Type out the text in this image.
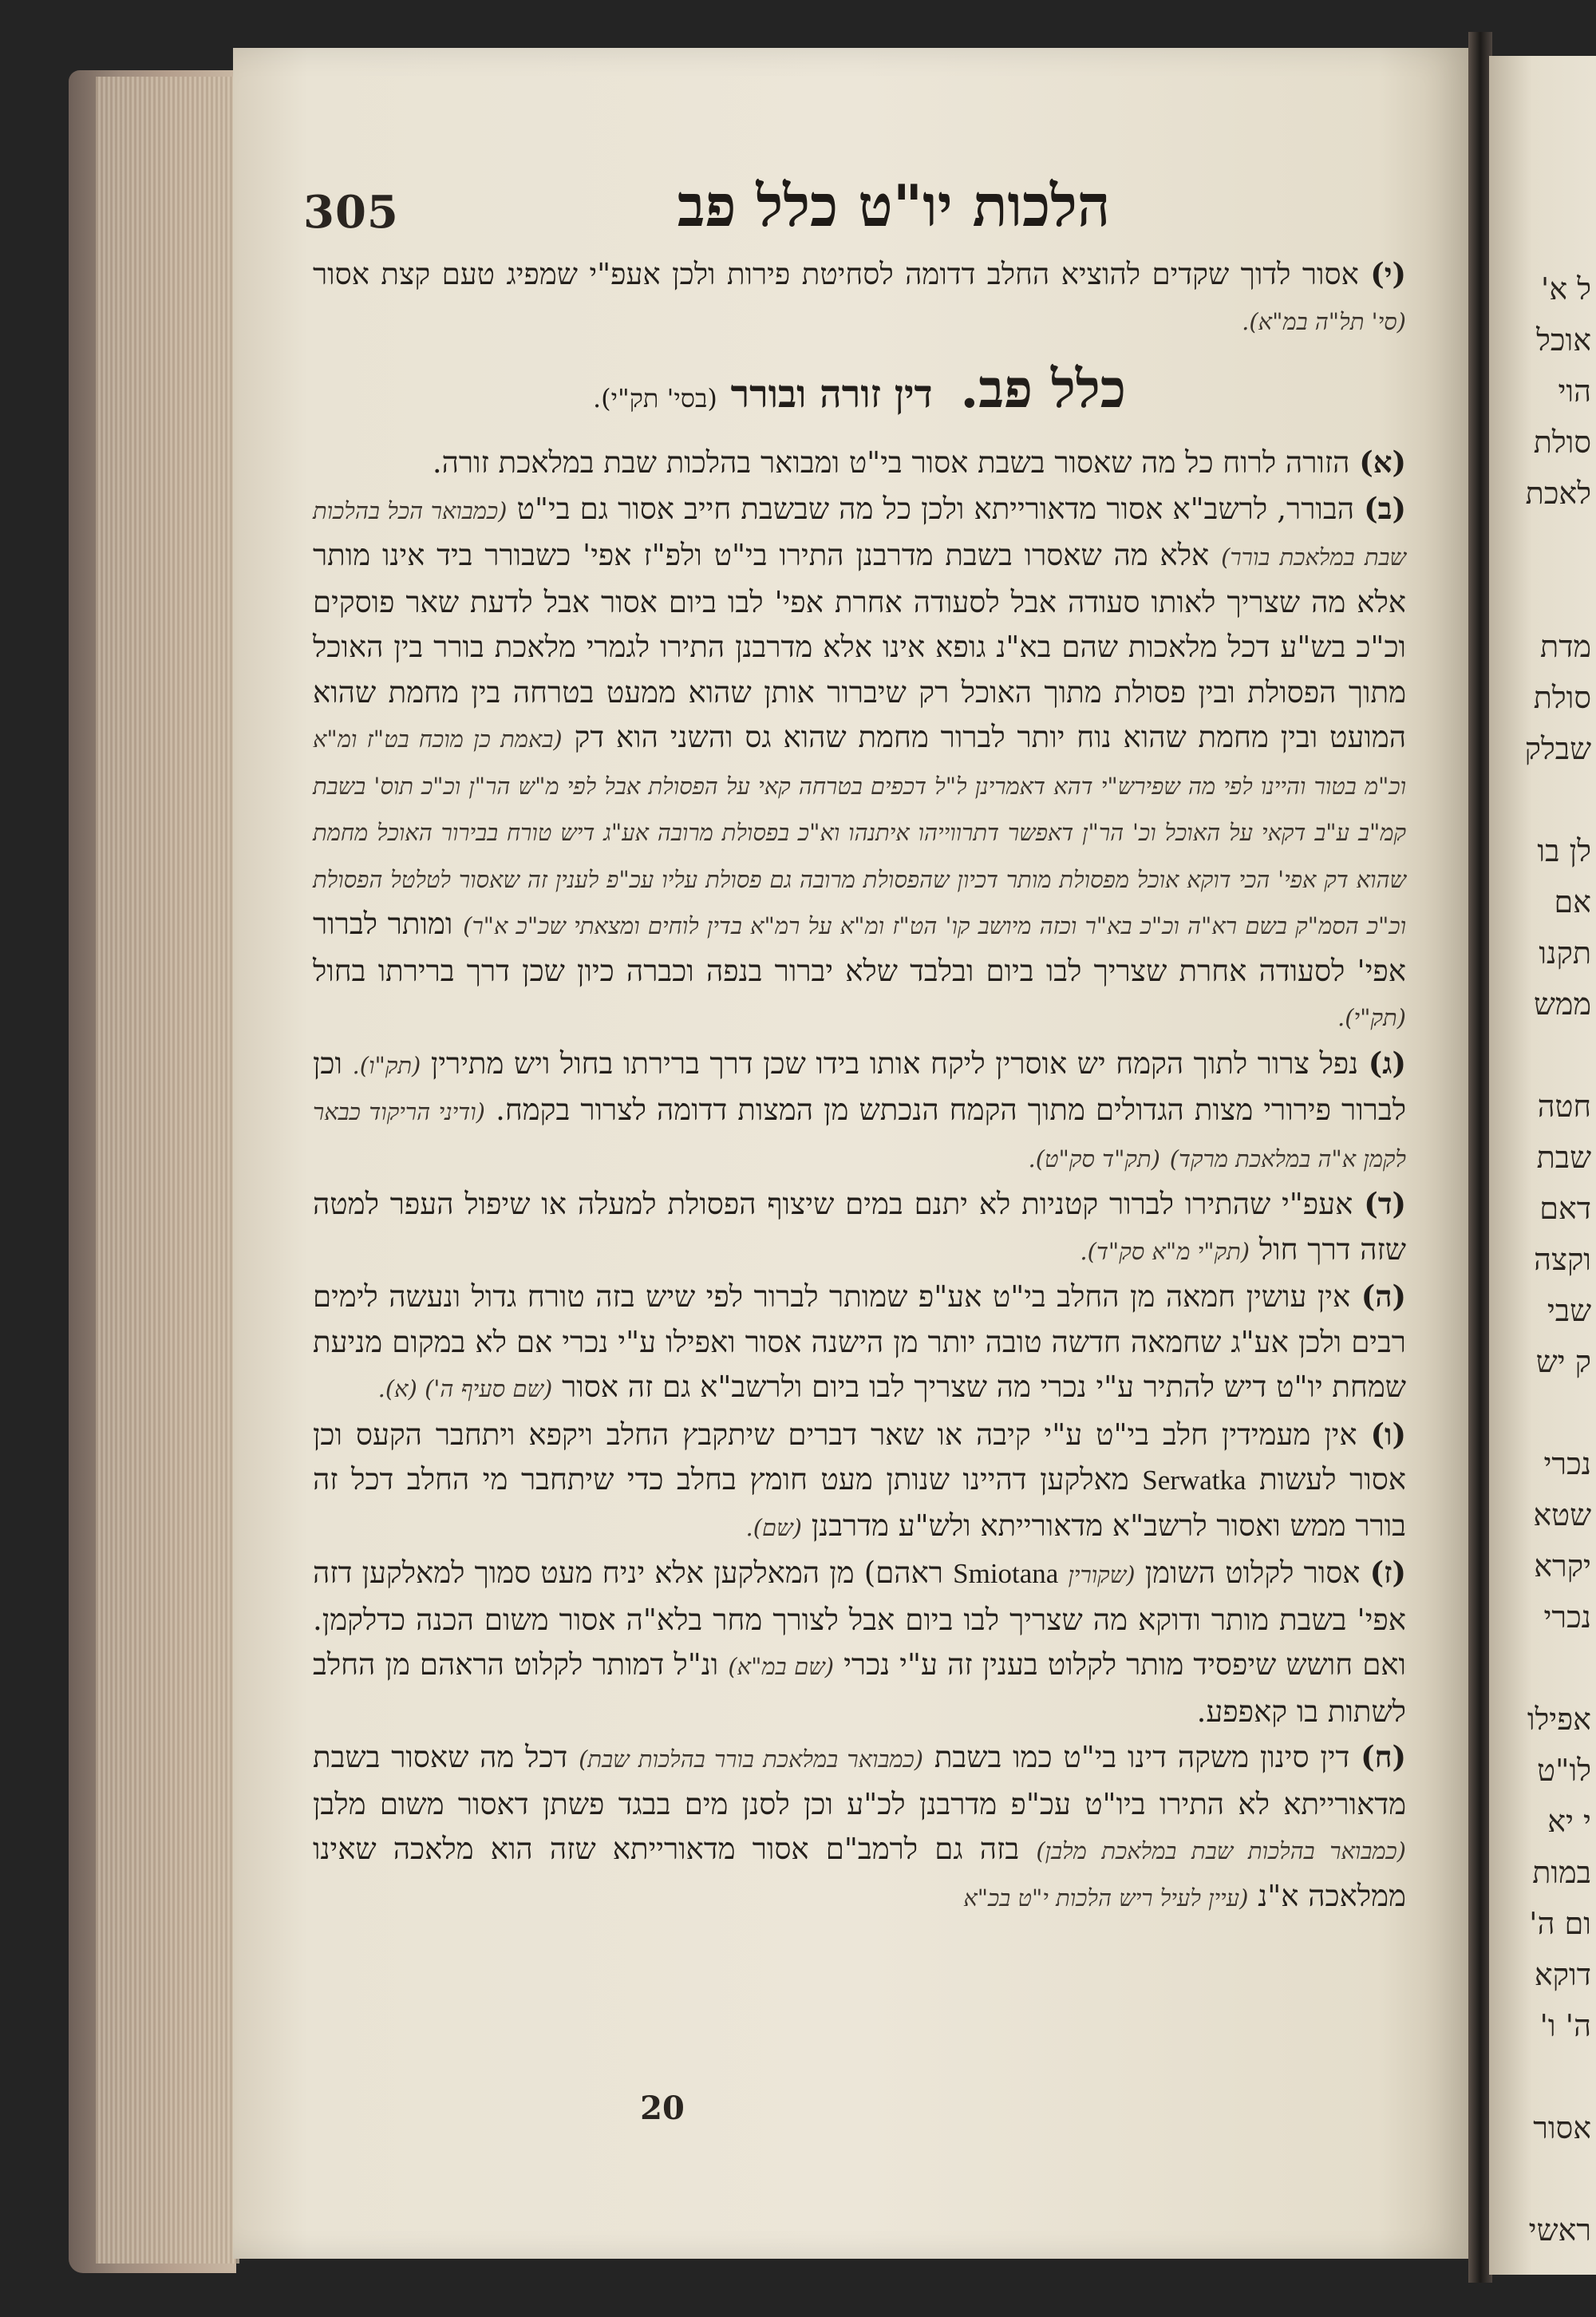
ל א'
אוכל
הוי
סולת
לאכת
מדת
סולת
שבלק
לן בו
אם
תקנו
ממש
חטה
שבת
דאם
וקצה
שבי
ק יש
נכרי
שטא
יקרא
נכרי
אפילו
לו"ט
י יא
במות
ום ה'
דוקא
ה' ו'
אסור
ראשי
305	הלכות יו"ט כלל פב

(י) אסור לדוך שקדים להוציא החלב דדומה לסחיטת פירות ולכן אעפ"י שמפיג טעם קצת אסור (סי' תל"ה במ"א).

כלל פב. דין זורה ובורר (בסי' תק"י).

(א) הזורה לרוח כל מה שאסור בשבת אסור בי"ט ומבואר בהלכות שבת במלאכת זורה.

(ב) הבורר, לרשב"א אסור מדאורייתא ולכן כל מה שבשבת חייב אסור גם בי"ט (כמבואר הכל בהלכות שבת במלאכת בורר) אלא מה שאסרו בשבת מדרבנן התירו בי"ט ולפ"ז אפי' כשבורר ביד אינו מותר אלא מה שצריך לאותו סעודה אבל לסעודה אחרת אפי' לבו ביום אסור אבל לדעת שאר פוסקים וכ"כ בש"ע דכל מלאכות שהם בא"נ גופא אינו אלא מדרבנן התירו לגמרי מלאכת בורר בין האוכל מתוך הפסולת ובין פסולת מתוך האוכל רק שיברור אותן שהוא ממעט בטרחה בין מחמת שהוא המועט ובין מחמת שהוא נוח יותר לברור מחמת שהוא גס והשני הוא דק (באמת כן מוכח בט"ז ומ"א וכ"מ בטור והיינו לפי מה שפירש"י דהא דאמרינן ל"ל דכפים בטרחה קאי על הפסולת אבל לפי מ"ש הר"ן וכ"כ תוס' בשבת קמ"ב ע"ב דקאי על האוכל וכ' הר"ן דאפשר דתרווייהו איתנהו וא"כ בפסולת מרובה אע"ג דיש טורח בבירור האוכל מחמת שהוא דק אפי' הכי דוקא אוכל מפסולת מותר דכיון שהפסולת מרובה גם פסולת עליו עכ"פ לענין זה שאסור לטלטל הפסולת וכ"כ הסמ"ק בשם רא"ה וכ"כ בא"ר וכזה מיושב קו' הט"ז ומ"א על רמ"א בדין לוחים ומצאתי שכ"כ א"ר) ומותר לברור אפי' לסעודה אחרת שצריך לבו ביום ובלבד שלא יברור בנפה וכברה כיון שכן דרך ברירתו בחול (תק"י).

(ג) נפל צרור לתוך הקמח יש אוסרין ליקח אותו בידו שכן דרך ברירתו בחול ויש מתירין (תק"ו). וכן לברור פירורי מצות הגדולים מתוך הקמח הנכתש מן המצות דדומה לצרור בקמח. (ודיני הריקוד כבאר לקמן א"ה במלאכת מרקד) (תק"ד סק"ט).

(ד) אעפ"י שהתירו לברור קטניות לא יתנם במים שיצוף הפסולת למעלה או שיפול העפר למטה שזה דרך חול (תק"י מ"א סק"ד).

(ה) אין עושין חמאה מן החלב בי"ט אע"פ שמותר לברור לפי שיש בזה טורח גדול ונעשה לימים רבים ולכן אע"ג שחמאה חדשה טובה יותר מן הישנה אסור ואפילו ע"י נכרי אם לא במקום מניעת שמחת יו"ט דיש להתיר ע"י נכרי מה שצריך לבו ביום ולרשב"א גם זה אסור (שם סעיף ה') (א).

(ו) אין מעמידין חלב בי"ט ע"י קיבה או שאר דברים שיתקבץ החלב ויקפא ויתחבר הקעס וכן אסור לעשות Serwatka מאלקען דהיינו שנותן מעט חומץ בחלב כדי שיתחבר מי החלב דכל זה בורר ממש ואסור לרשב"א מדאורייתא ולש"ע מדרבנן (שם).

(ז) אסור לקלוט השומן (שקורין Smiotana ראהם) מן המאלקען אלא יניח מעט סמוך למאלקען דזה אפי' בשבת מותר ודוקא מה שצריך לבו ביום אבל לצורך מחר בלא"ה אסור משום הכנה כדלקמן. ואם חושש שיפסיד מותר לקלוט בענין זה ע"י נכרי (שם במ"א) ונ"ל דמותר לקלוט הראהם מן החלב לשתות בו קאפפע.

(ח) דין סינון משקה דינו בי"ט כמו בשבת (כמבואר במלאכת בורר בהלכות שבת) דכל מה שאסור בשבת מדאורייתא לא התירו ביו"ט עכ"פ מדרבנן לכ"ע וכן לסנן מים בבגד פשתן דאסור משום מלבן (כמבואר בהלכות שבת במלאכת מלבן) בזה גם לרמב"ם אסור מדאורייתא שזה הוא מלאכה שאינו ממלאכה א"נ (עיין לעיל ריש הלכות י"ט בכ"א

20
